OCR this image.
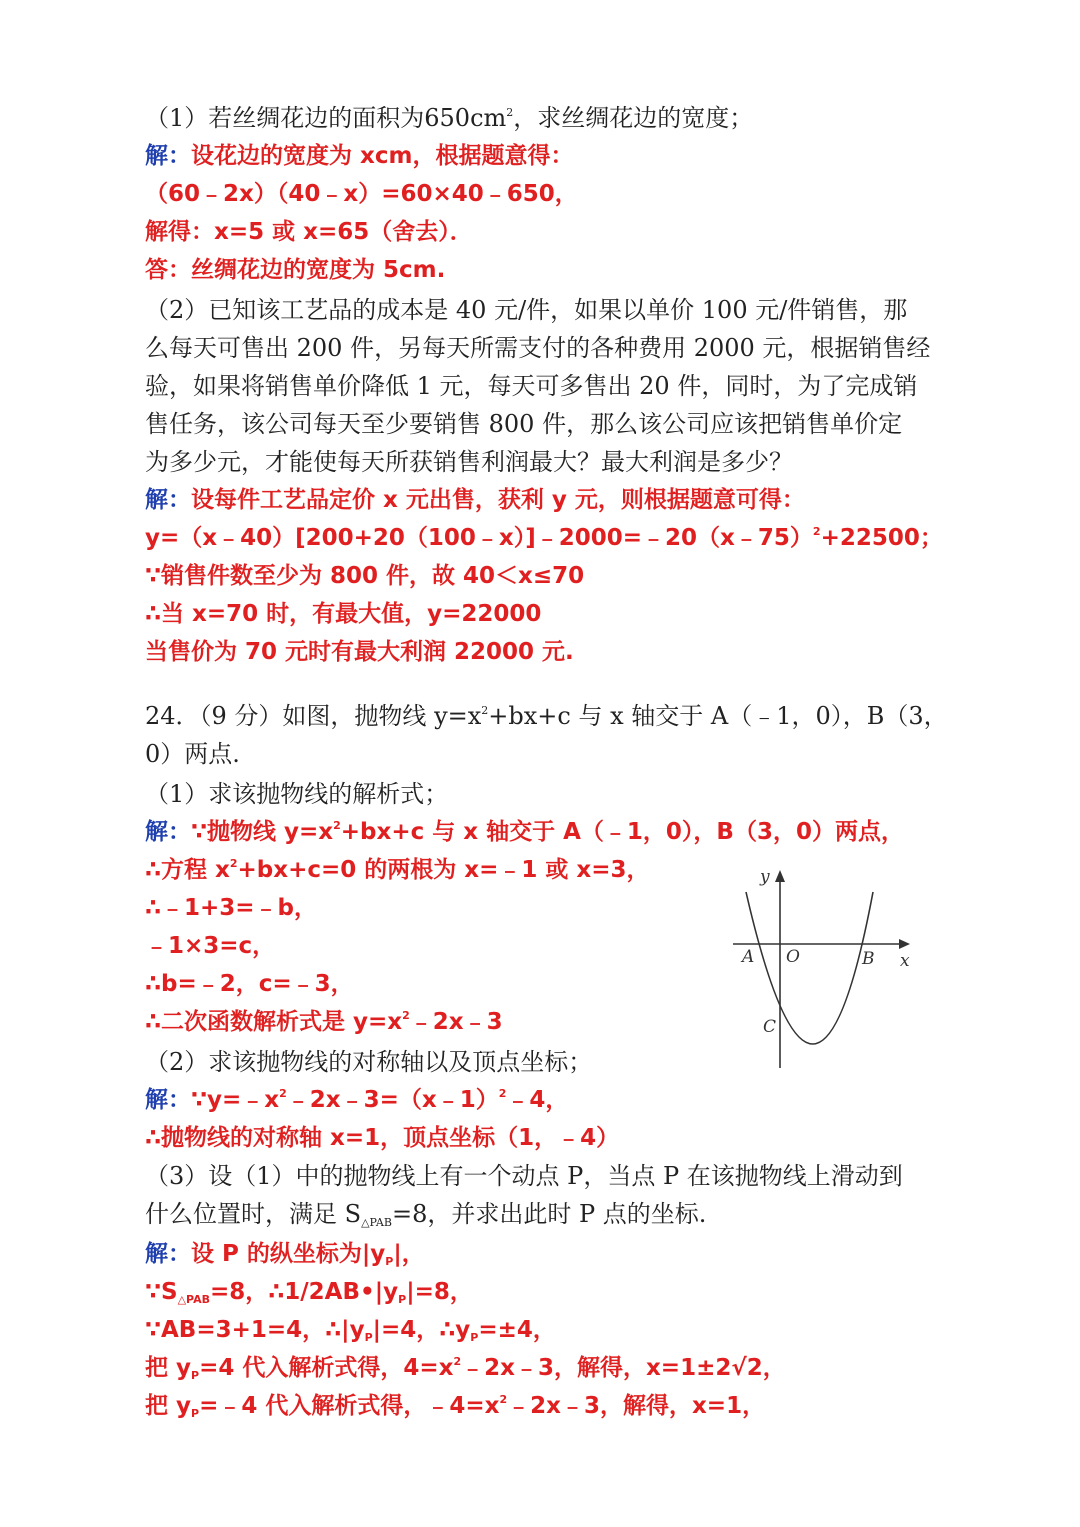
（1）若丝绸花边的面积为$650cm^2$，求丝绸花边的宽度；
解：设花边的宽度为 xcm，根据题意得：
（60﹣2x）（40﹣x）=60×40﹣650，
解得：x=5 或 x=65（舍去）．
答：丝绸花边的宽度为 5cm.
（2）已知该工艺品的成本是 40 元/件，如果以单价 100 元/件销售，那
么每天可售出 200 件，另每天所需支付的各种费用 2000 元，根据销售经
验，如果将销售单价降低 1 元，每天可多售出 20 件，同时，为了完成销
售任务，该公司每天至少要销售 800 件，那么该公司应该把销售单价定
为多少元，才能使每天所获销售利润最大？最大利润是多少？
解：设每件工艺品定价 x 元出售，获利 y 元，则根据题意可得：
y=（x﹣40）[200+20（100﹣x）]﹣2000=﹣20（x﹣75）$^2$+22500；
∵销售件数至少为 800 件，故 40＜x≤70
∴当 x=70 时，有最大值，y=22000
当售价为 70 元时有最大利润 22000 元.
24．（9 分）如图，抛物线 $y=x^2+bx+c$ 与 x 轴交于 A（﹣1，0），B（3，
0）两点.
（1）求该抛物线的解析式；
解：∵抛物线 $y=x^2+bx+c$ 与 x 轴交于 A（﹣1，0），B（3，0）两点，
∴方程 $x^2+bx+c=0$ 的两根为 x=﹣1 或 x=3，
∴﹣1+3=﹣b，
﹣1×3=c，
∴b=﹣2，c=﹣3，
∴二次函数解析式是 $y=x^2﹣2x﹣3$
（2）求该抛物线的对称轴以及顶点坐标；
解：$\because y=﹣x^2﹣2x﹣3=(x﹣1)^2﹣4$，
∴抛物线的对称轴 x=1，顶点坐标（1，﹣4）
（3）设（1）中的抛物线上有一个动点 P，当点 P 在该抛物线上滑动到
什么位置时，满足 $S_{\triangle PAB}=8$，并求出此时 P 点的坐标.
解：设 P 的纵坐标为$|y_P|$，
$\because S_{\triangle PAB}=8$，$\therefore 1/2AB•|y_P|=8$，
∵AB=3+1=4，$\therefore|y_P|=4$，$\therefore y_P=\pm 4$，
把 $y_P=4$ 代入解析式得，$4=x^2﹣2x﹣3$，解得，x=1±2√2，
把 $y_P=﹣4$ 代入解析式得，$﹣4=x^2﹣2x﹣3$，解得，x=1，
y
x
O
A	B
C
